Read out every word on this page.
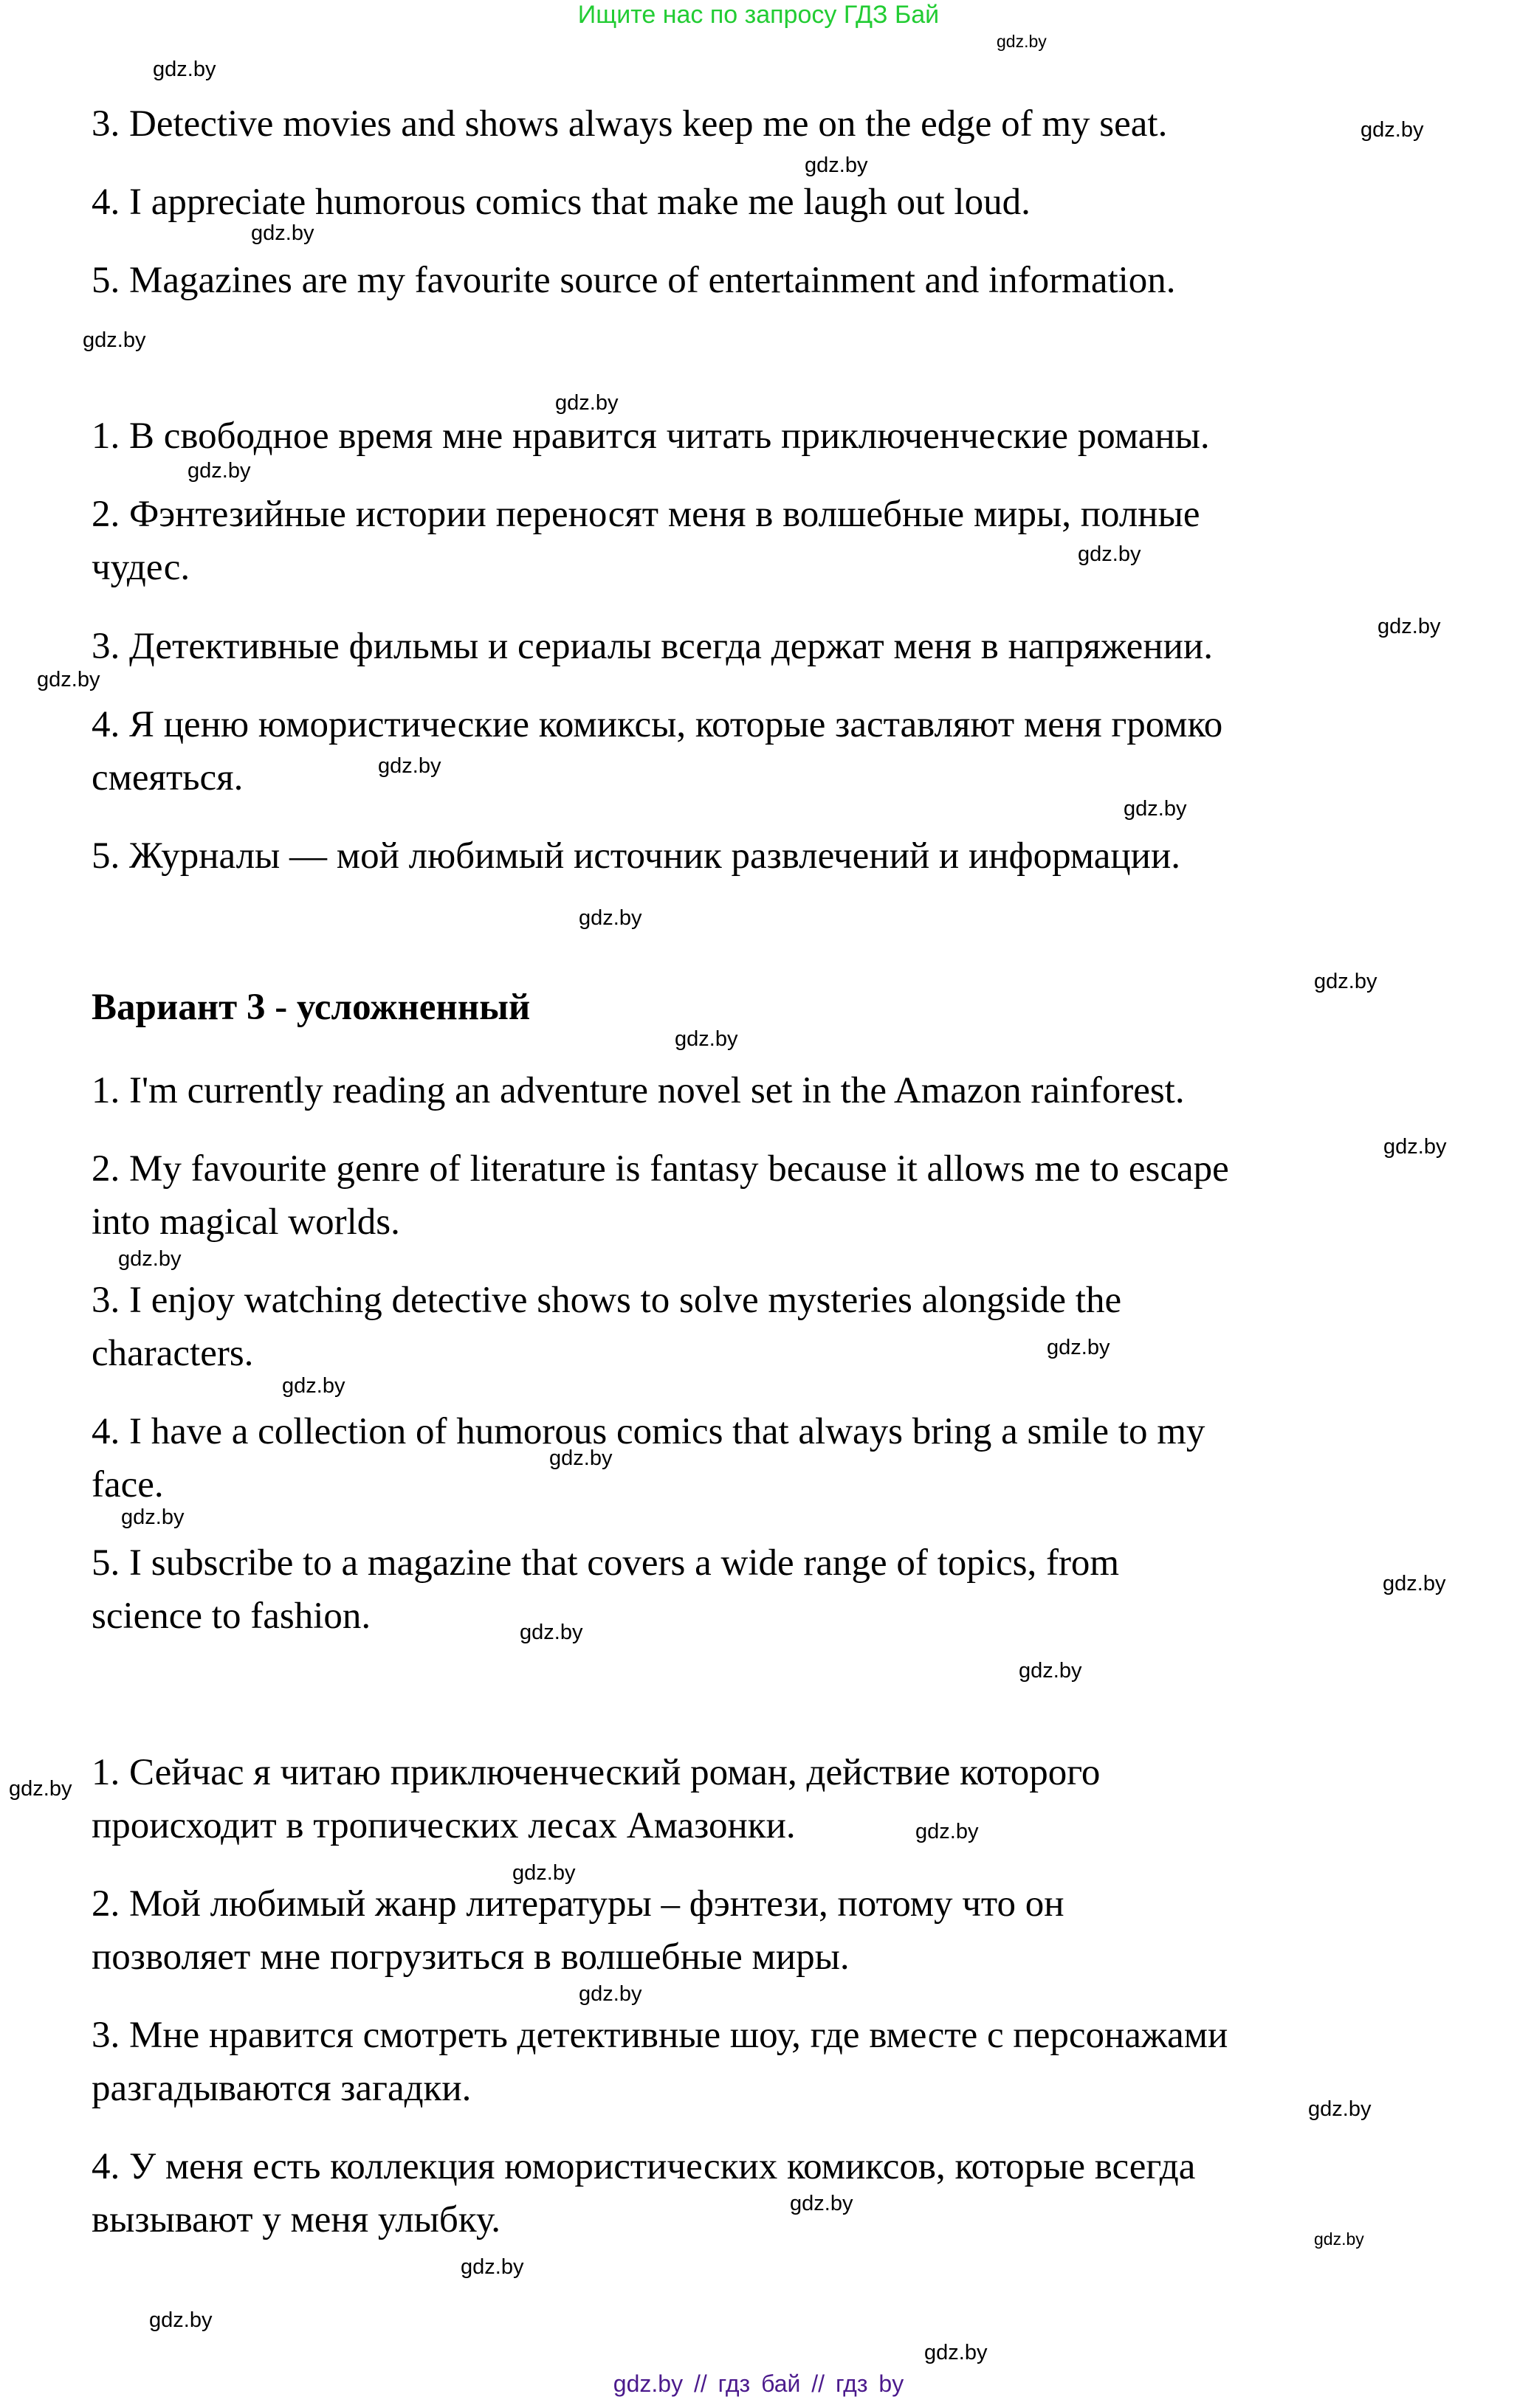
Ищите нас по запросу ГДЗ Бай
3. Detective movies and shows always keep me on the edge of my seat.
4. I appreciate humorous comics that make me laugh out loud.
5. Magazines are my favourite source of entertainment and information.
1. В свободное время мне нравится читать приключенческие романы.
2. Фэнтезийные истории переносят меня в волшебные миры, полные
чудес.
3. Детективные фильмы и сериалы всегда держат меня в напряжении.
4. Я ценю юмористические комиксы, которые заставляют меня громко
смеяться.
5. Журналы — мой любимый источник развлечений и информации.
Вариант 3 - усложненный
1. I'm currently reading an adventure novel set in the Amazon rainforest.
2. My favourite genre of literature is fantasy because it allows me to escape
into magical worlds.
3. I enjoy watching detective shows to solve mysteries alongside the
characters.
4. I have a collection of humorous comics that always bring a smile to my
face.
5. I subscribe to a magazine that covers a wide range of topics, from
science to fashion.
1. Сейчас я читаю приключенческий роман, действие которого
происходит в тропических лесах Амазонки.
2. Мой любимый жанр литературы – фэнтези, потому что он
позволяет мне погрузиться в волшебные миры.
3. Мне нравится смотреть детективные шоу, где вместе с персонажами
разгадываются загадки.
4. У меня есть коллекция юмористических комиксов, которые всегда
вызывают у меня улыбку.
gdz.by
gdz.by
gdz.by
gdz.by
gdz.by
gdz.by
gdz.by
gdz.by
gdz.by
gdz.by
gdz.by
gdz.by
gdz.by
gdz.by
gdz.by
gdz.by
gdz.by
gdz.by
gdz.by
gdz.by
gdz.by
gdz.by
gdz.by
gdz.by
gdz.by
gdz.by
gdz.by
gdz.by
gdz.by
gdz.by
gdz.by
gdz.by
gdz.by
gdz.by
gdz.by
gdz.by // гдз бай // гдз by
